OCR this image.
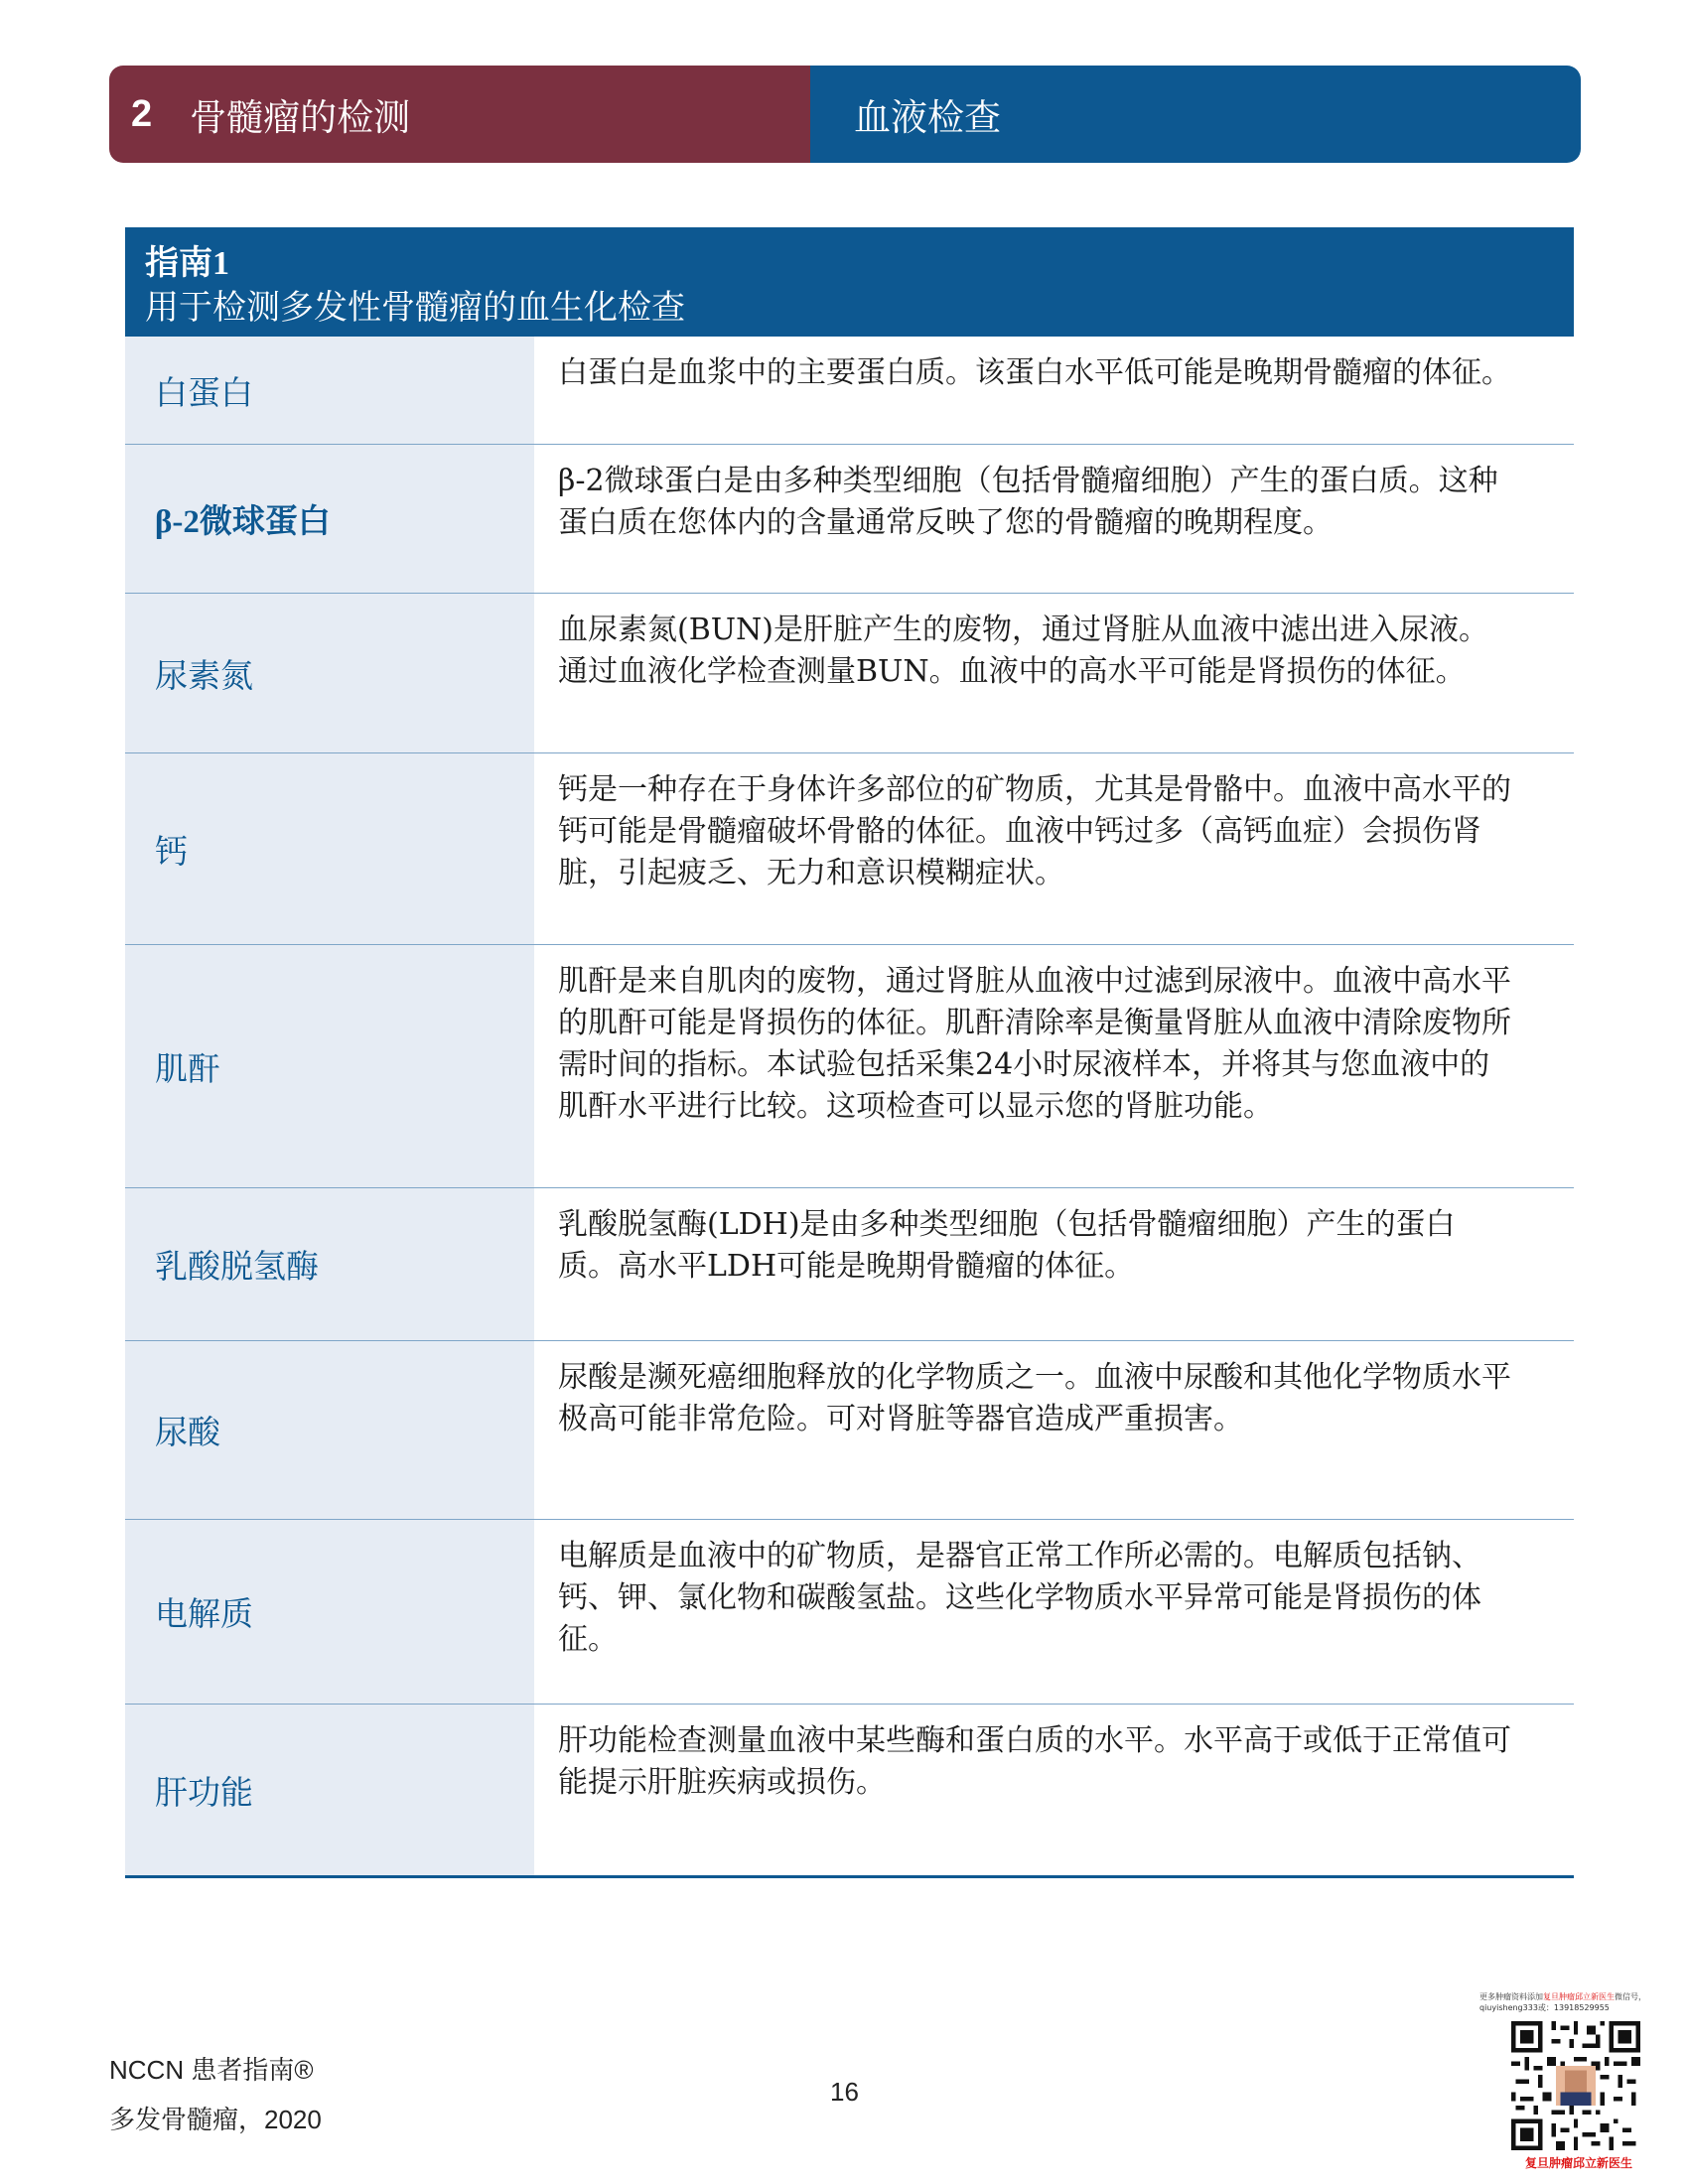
2 骨髓瘤的检测	血液检查
指南1
用于检测多发性骨髓瘤的血生化检查
白蛋白	白蛋白是血浆中的主要蛋白质。该蛋白水平低可能是晚期骨髓瘤的体征。
β-2微球蛋白
β-2微球蛋白是由多种类型细胞（包括骨髓瘤细胞）产生的蛋白质。这种蛋白质在您体内的含量通常反映了您的骨髓瘤的晚期程度。
尿素氮
血尿素氮(BUN)是肝脏产生的废物，通过肾脏从血液中滤出进入尿液。通过血液化学检查测量BUN。血液中的高水平可能是肾损伤的体征。
钙
钙是一种存在于身体许多部位的矿物质，尤其是骨骼中。血液中高水平的钙可能是骨髓瘤破坏骨骼的体征。血液中钙过多（高钙血症）会损伤肾脏，引起疲乏、无力和意识模糊症状。
肌酐
肌酐是来自肌肉的废物，通过肾脏从血液中过滤到尿液中。血液中高水平的肌酐可能是肾损伤的体征。肌酐清除率是衡量肾脏从血液中清除废物所需时间的指标。本试验包括采集24小时尿液样本，并将其与您血液中的肌酐水平进行比较。这项检查可以显示您的肾脏功能。
乳酸脱氢酶
乳酸脱氢酶(LDH)是由多种类型细胞（包括骨髓瘤细胞）产生的蛋白质。高水平LDH可能是晚期骨髓瘤的体征。
尿酸
尿酸是濒死癌细胞释放的化学物质之一。血液中尿酸和其他化学物质水平极高可能非常危险。可对肾脏等器官造成严重损害。
电解质
电解质是血液中的矿物质，是器官正常工作所必需的。电解质包括钠、钙、钾、氯化物和碳酸氢盐。这些化学物质水平异常可能是肾损伤的体征。
肝功能
肝功能检查测量血液中某些酶和蛋白质的水平。水平高于或低于正常值可能提示肝脏疾病或损伤。
NCCN 患者指南®
多发骨髓瘤，2020
16
更多肿瘤资料添加复旦肿瘤邱立新医生微信号，qiuyisheng333或：13918529955
复旦肿瘤邱立新医生
